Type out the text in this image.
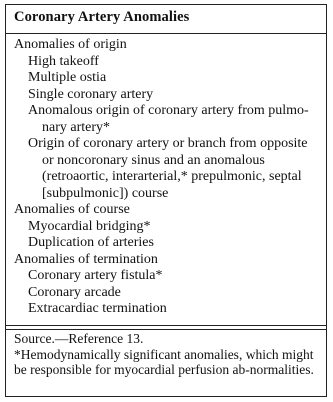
Coronary Artery Anomalies

Anomalies of origin

High takeoff

Multiple ostia

Single coronary artery

Anomalous origin of coronary artery from pulmo-nary artery*

Origin of coronary artery or branch from opposite or noncoronary sinus and an anomalous (retroaortic, interarterial,* prepulmonic, septal [subpulmonic]) course

Anomalies of course

Myocardial bridging*

Duplication of arteries

Anomalies of termination

Coronary artery fistula*

Coronary arcade

Extracardiac termination

Source.—Reference 13.

*Hemodynamically significant anomalies, which might be responsible for myocardial perfusion ab-normalities.
